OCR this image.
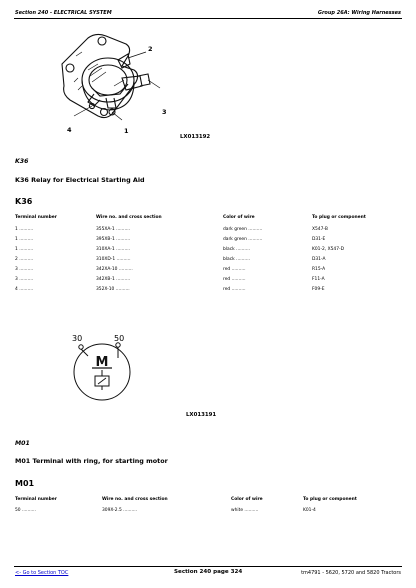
Section 240 - ELECTRICAL SYSTEM	Group 26A: Wiring Harnesses
2
3
4	1
LX013192
K36
K36 Relay for Electrical Starting Aid
K36
Terminal number	Wire no. and cross section	Color of wire	To plug or component
1 ..........	355XA-1 ..........	dark green ..........	X547-B
1 ..........	395XB-1 ..........	dark green ..........	D31-E
1 ..........	310XA-1 ..........	black ..........	K01-2, X547-D
2 ..........	310XD-1 ..........	black ..........	D31-A
3 ..........	342XA-10 ..........	red ..........	R15-A
3 ..........	342XB-1 ..........	red ..........	F11-A
4 ..........	352X-10 ..........	red ..........	F09-E
M
30	50
LX013191
M01
M01 Terminal with ring, for starting motor
M01
Terminal number	Wire no. and cross section	Color of wire	To plug or component
50 ..........	309X-2.5 ..........	white ..........	K01-4
<- Go to Section TOC	Section 240 page 324	tm4791 - 5620, 5720 and 5820 Tractors
